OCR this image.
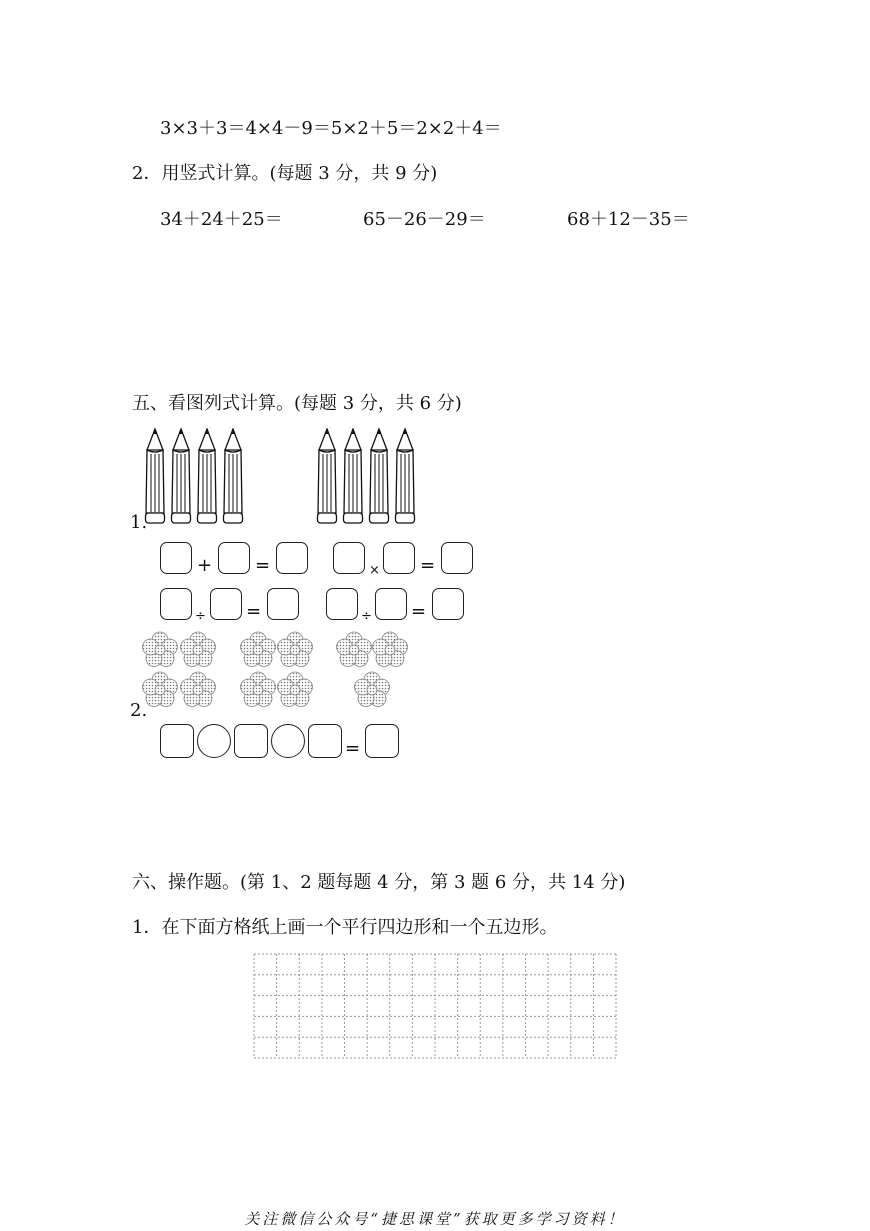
3×3＋3＝4×4－9＝5×2＋5＝2×2＋4＝
2．用竖式计算。(每题 3 分，共 9 分)
34＋24＋25＝	65－26－29＝	68＋12－35＝
五、看图列式计算。(每题 3 分，共 6 分)
1.
+ =	× =
÷ =	÷ =
2.
=
六、操作题。(第 1、2 题每题 4 分，第 3 题 6 分，共 14 分)
1．在下面方格纸上画一个平行四边形和一个五边形。
关注微信公众号“捷思课堂”获取更多学习资料！
